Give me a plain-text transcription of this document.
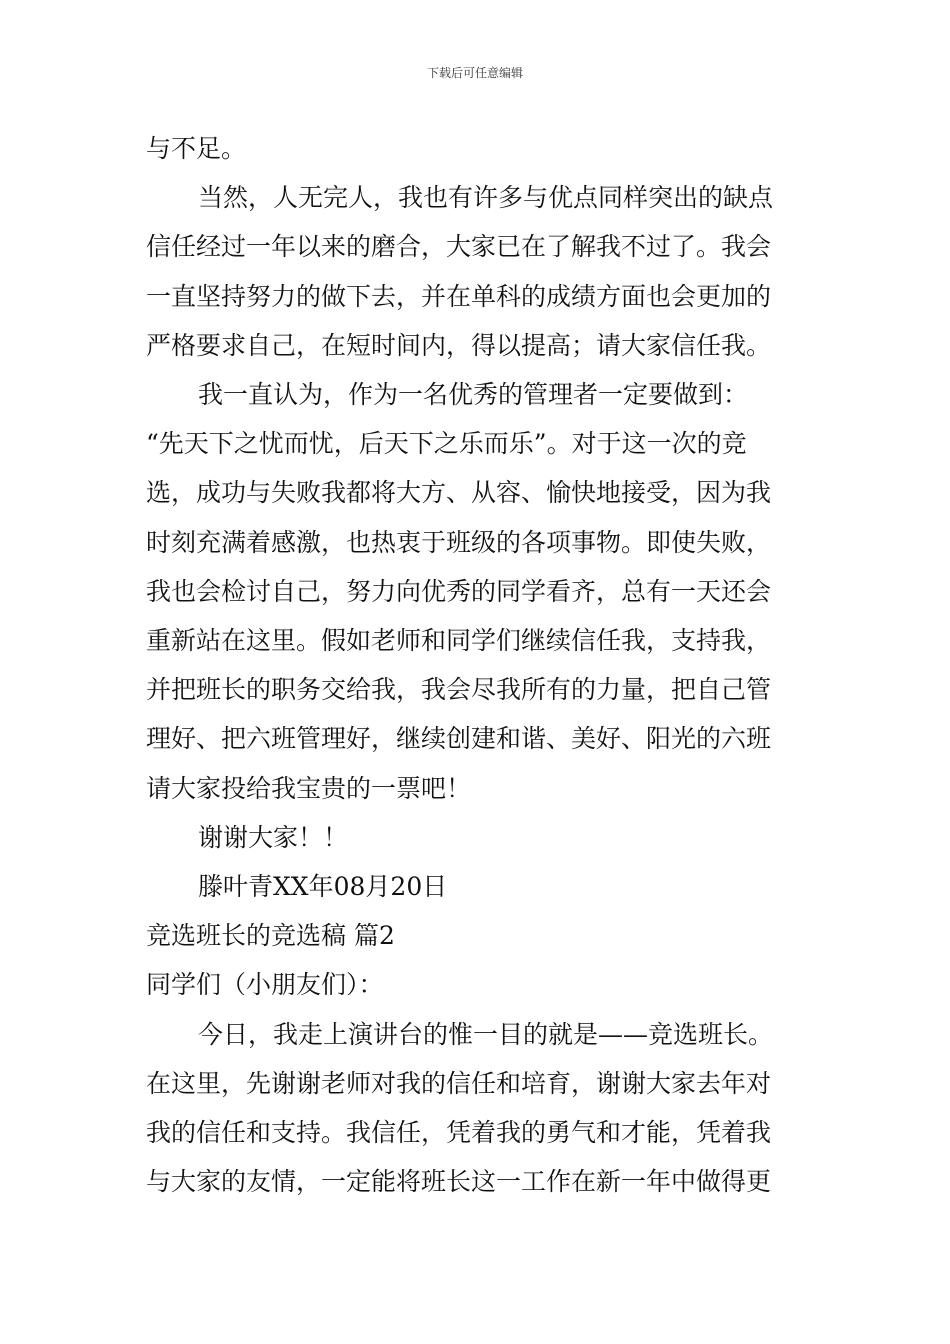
下载后可任意编辑
与不足。
当然，人无完人，我也有许多与优点同样突出的缺点
信任经过一年以来的磨合，大家已在了解我不过了。我会
一直坚持努力的做下去，并在单科的成绩方面也会更加的
严格要求自己，在短时间内，得以提高；请大家信任我。
我一直认为，作为一名优秀的管理者一定要做到：
“先天下之忧而忧，后天下之乐而乐”。对于这一次的竞
选，成功与失败我都将大方、从容、愉快地接受，因为我
时刻充满着感激，也热衷于班级的各项事物。即使失败，
我也会检讨自己，努力向优秀的同学看齐，总有一天还会
重新站在这里。假如老师和同学们继续信任我，支持我，
并把班长的职务交给我，我会尽我所有的力量，把自己管
理好、把六班管理好，继续创建和谐、美好、阳光的六班
请大家投给我宝贵的一票吧！
谢谢大家！！
滕叶青XX年08月20日
竞选班长的竞选稿 篇2
同学们（小朋友们）：
今日，我走上演讲台的惟一目的就是——竞选班长。
在这里，先谢谢老师对我的信任和培育，谢谢大家去年对
我的信任和支持。我信任，凭着我的勇气和才能，凭着我
与大家的友情，一定能将班长这一工作在新一年中做得更
